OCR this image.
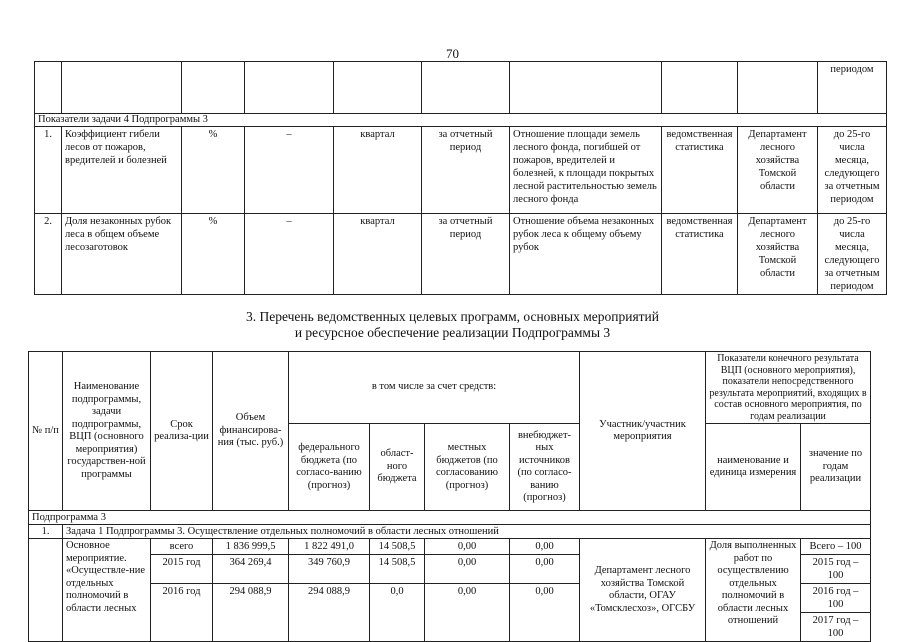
70
									периодом
Показатели задачи 4 Подпрограммы 3									
1.	Коэффициент гибели лесов от пожаров, вредителей и болезней	%	–	квартал	за отчетный период	Отношение площади земель лесного фонда, погибшей от пожаров, вредителей и болезней, к площади покрытых лесной растительностью земель лесного фонда	ведомственная статистика	Департамент лесного хозяйства Томской области	до 25-го числа месяца, следующего за отчетным периодом
2.	Доля незаконных рубок леса в общем объеме лесозаготовок	%	–	квартал	за отчетный период	Отношение объема незаконных рубок леса к общему объему рубок	ведомственная статистика	Департамент лесного хозяйства Томской области	до 25-го числа месяца, следующего за отчетным периодом
3. Перечень ведомственных целевых программ, основных мероприятий
и ресурсное обеспечение реализации Подпрограммы 3
№ п/п	Наименование подпрограммы, задачи подпрограммы, ВЦП (основного мероприятия) государствен-ной программы	Срок реализа-ции	Объем финансирова-ния (тыс. руб.)	в том числе за счет средств:				Участник/участник мероприятия	Показатели конечного результата ВЦП (основного мероприятия), показатели непосредственного результата мероприятий, входящих в состав основного мероприятия, по годам реализации	
				федерального бюджета (по согласо-ванию (прогноз)	област-ного бюджета	местных бюджетов (по согласованию (прогноз)	внебюджет-ных источников (по согласо-ванию (прогноз)		наименование и единица измерения	значение по годам реализации
Подпрограмма 3										
1.	Задача 1 Подпрограммы 3. Осуществление отдельных полномочий в области лесных отношений									
	Основное мероприятие. «Осуществле-ние отдельных полномочий в области лесных	всего	1 836 999,5	1 822 491,0	14 508,5	0,00	0,00	Департамент лесного хозяйства Томской области, ОГАУ «Томсклесхоз», ОГСБУ	Доля выполненных работ по осуществлению отдельных полномочий в области лесных отношений	Всего – 100
		2015 год	364 269,4	349 760,9	14 508,5	0,00	0,00			2015 год – 100
		2016 год	294 088,9	294 088,9	0,0	0,00	0,00			2016 год – 100
										2017 год – 100
